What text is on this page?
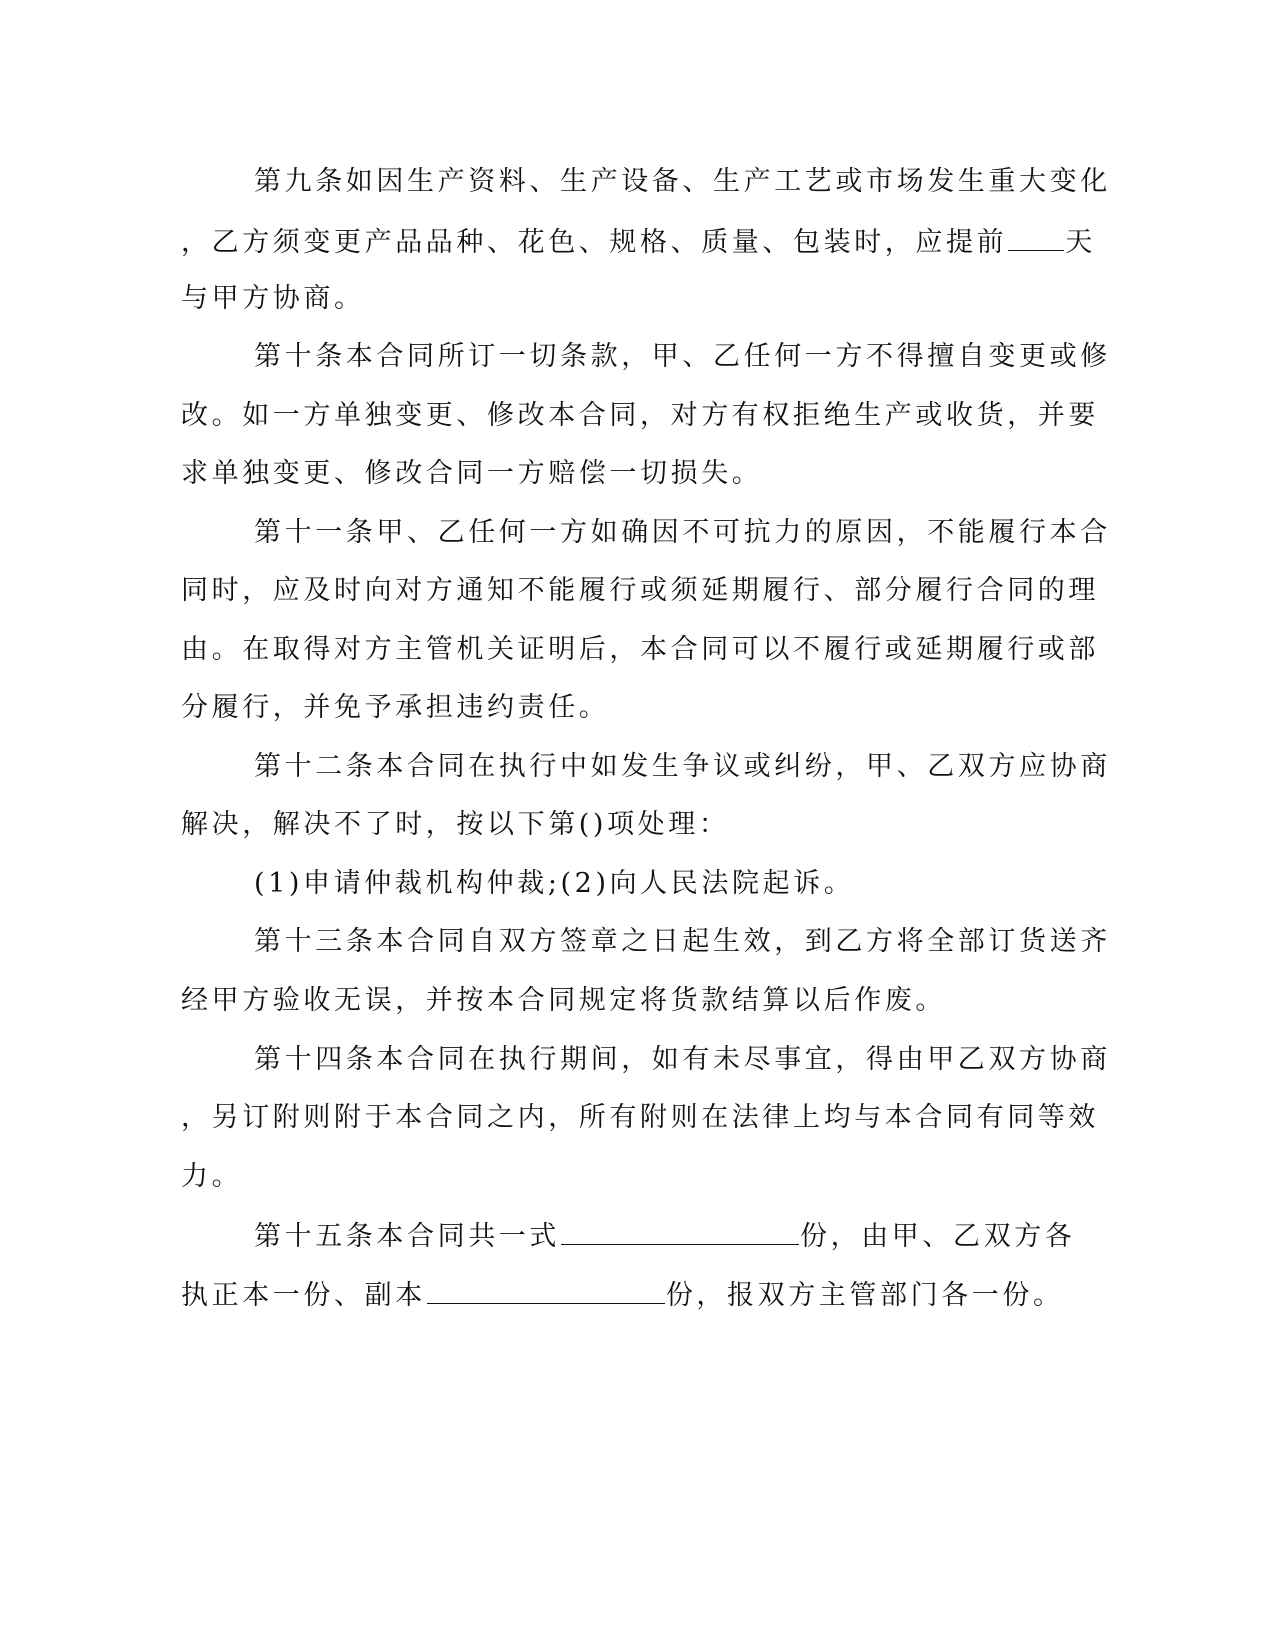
第九条如因生产资料、生产设备、生产工艺或市场发生重大变化
，乙方须变更产品品种、花色、规格、质量、包装时，应提前 天
与甲方协商。
第十条本合同所订一切条款，甲、乙任何一方不得擅自变更或修
改。如一方单独变更、修改本合同，对方有权拒绝生产或收货，并要
求单独变更、修改合同一方赔偿一切损失。
第十一条甲、乙任何一方如确因不可抗力的原因，不能履行本合
同时，应及时向对方通知不能履行或须延期履行、部分履行合同的理
由。在取得对方主管机关证明后，本合同可以不履行或延期履行或部
分履行，并免予承担违约责任。
第十二条本合同在执行中如发生争议或纠纷，甲、乙双方应协商
解决，解决不了时，按以下第()项处理：
(1)申请仲裁机构仲裁;(2)向人民法院起诉。
第十三条本合同自双方签章之日起生效，到乙方将全部订货送齐
经甲方验收无误，并按本合同规定将货款结算以后作废。
第十四条本合同在执行期间，如有未尽事宜，得由甲乙双方协商
，另订附则附于本合同之内，所有附则在法律上均与本合同有同等效
力。
第十五条本合同共一式	份，由甲、乙双方各
执正本一份、副本	份，报双方主管部门各一份。
